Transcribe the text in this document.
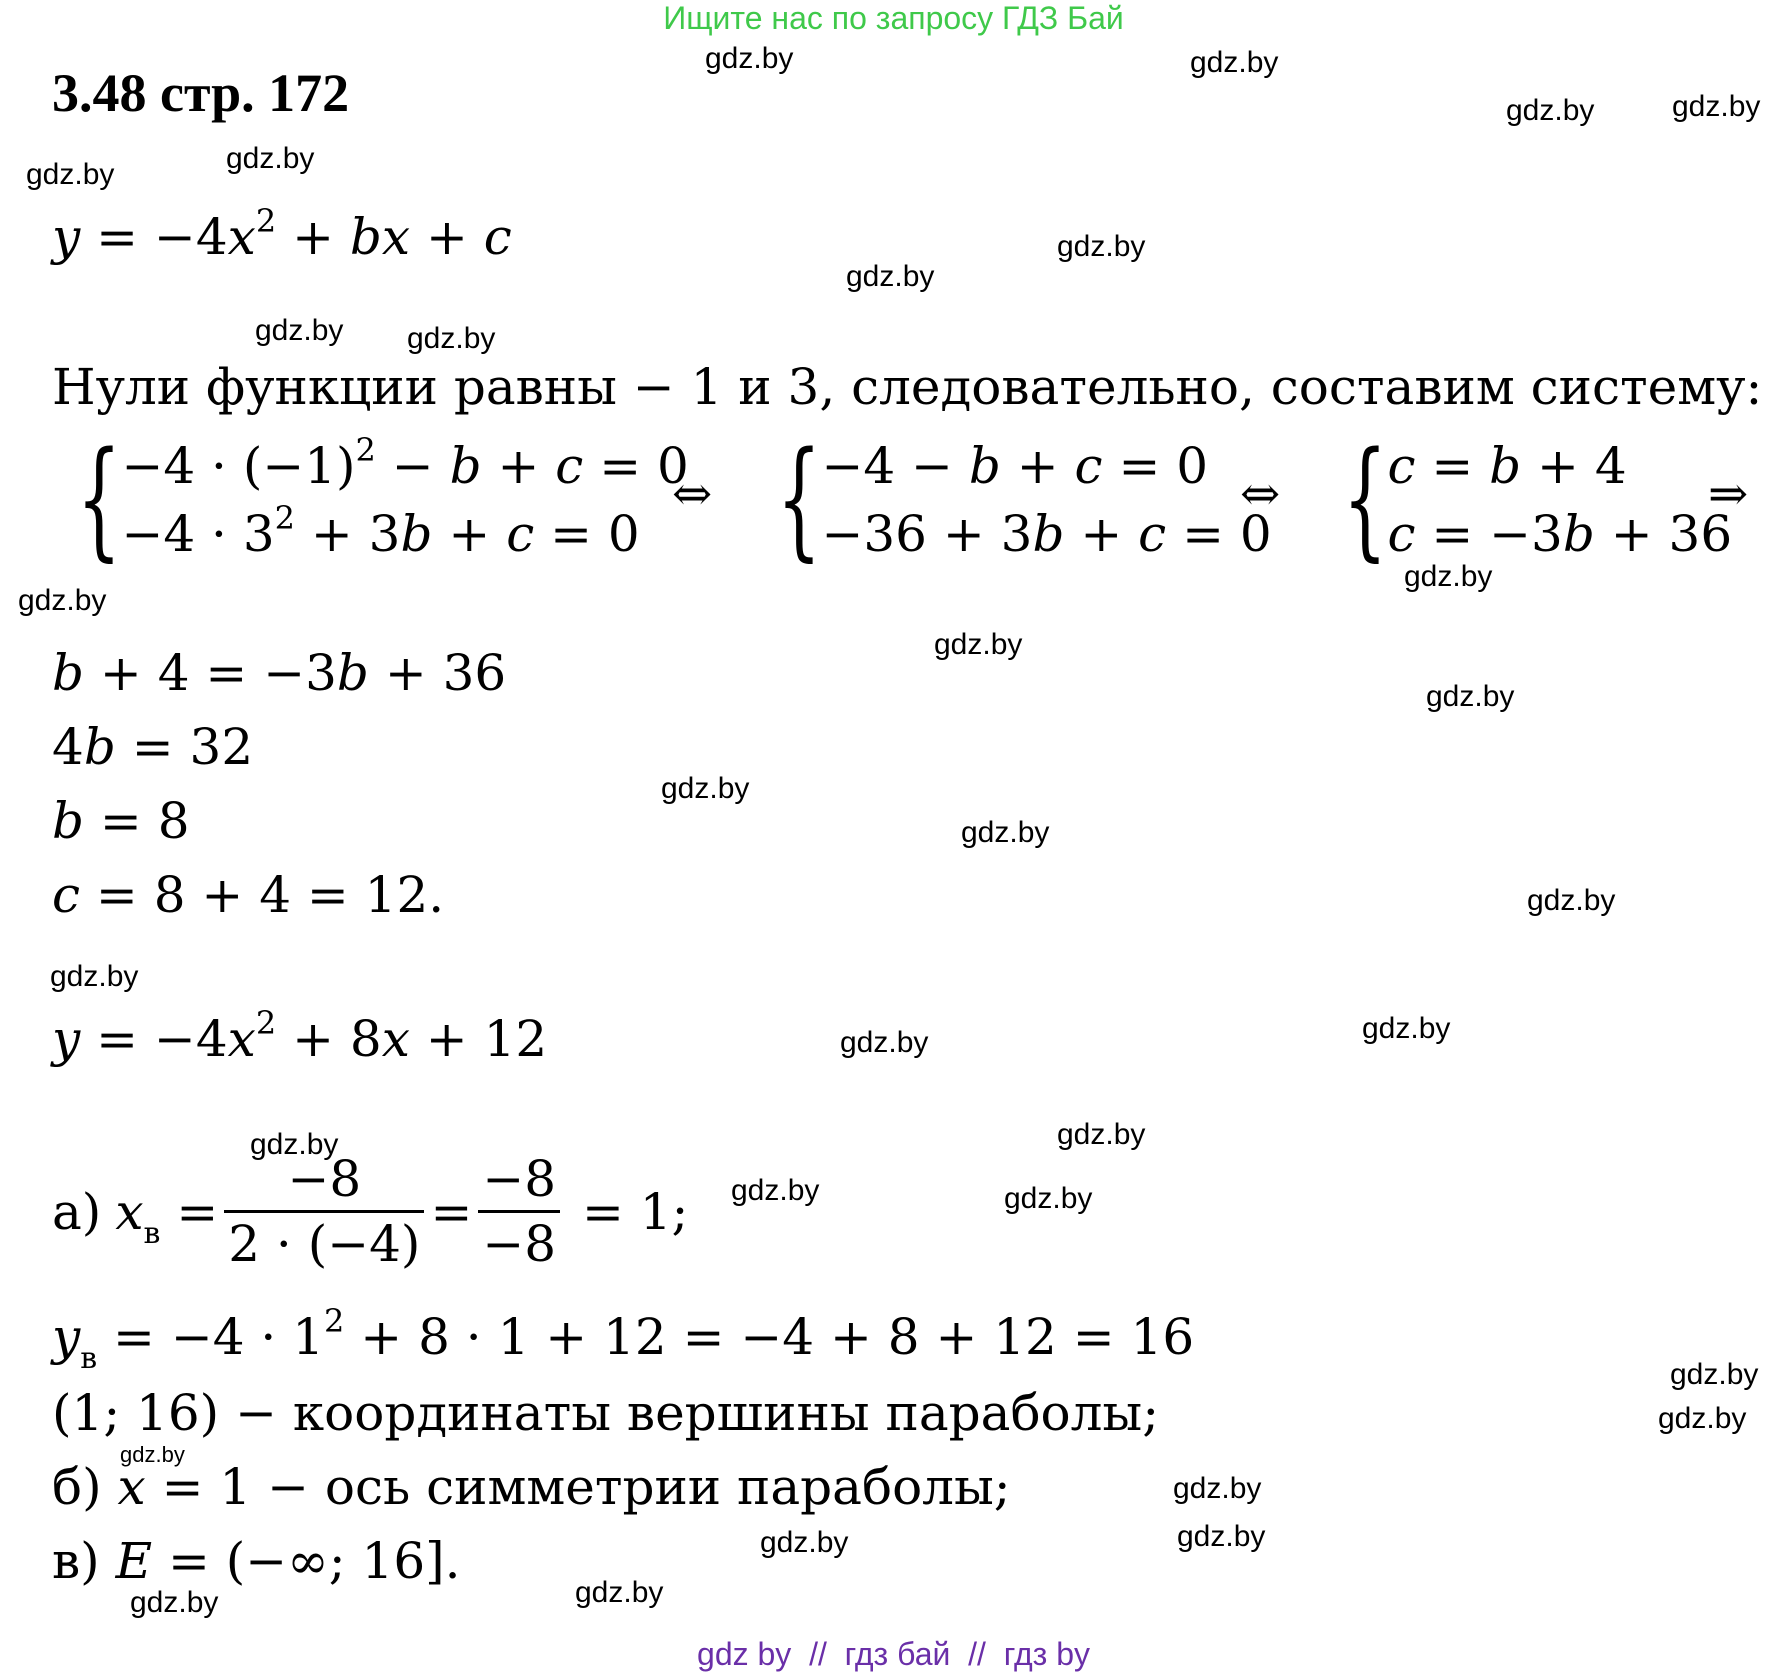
Ищите нас по запросу ГДЗ Бай
3.48 стр. 172
$y = -4x^2$ + bx + c
Нули функции равны − 1 и 3, следовательно, составим систему:
{ $-4 \cdot (-1)^2 - b + c = 0$
$-4 \cdot 3^2 + 3b + c = 0$
⇔ { −4 − b + c = 0
−36 + 3b + c = 0
⇔ { c = b + 4
c = −3b + 36
⇒
b + 4 = −3b + 36
4b = 32
b = 8
c = 8 + 4 = 12.
$y = -4x^2 + 8x + 12$
а) $x_в = \frac{-8}{2 \cdot (-4)} = \frac{-8}{-8} = 1$;
$y_в = -4 \cdot 1^2 + 8 \cdot 1 + 12 = -4 + 8 + 12 = 16$
(1; 16) − координаты вершины параболы;
б) x = 1 − ось симметрии параболы;
в) E = (−∞; 16].
gdz.by	gdz.by
gdz.by	gdz.by
gdz.by
gdz.by
gdz.by
gdz.by
gdz.by gdz.by
gdz.by
gdz.by
gdz.by
gdz.by
gdz.by
gdz.by
gdz.by
gdz.by
gdz.by
gdz.by
gdz.by
gdz.by
gdz.by	gdz.by
gdz.by
gdz.by
gdz.by
gdz.by
gdz.by
gdz.by
gdz.by
gdz.by
gdz by  //  гдз бай  //  гдз by
